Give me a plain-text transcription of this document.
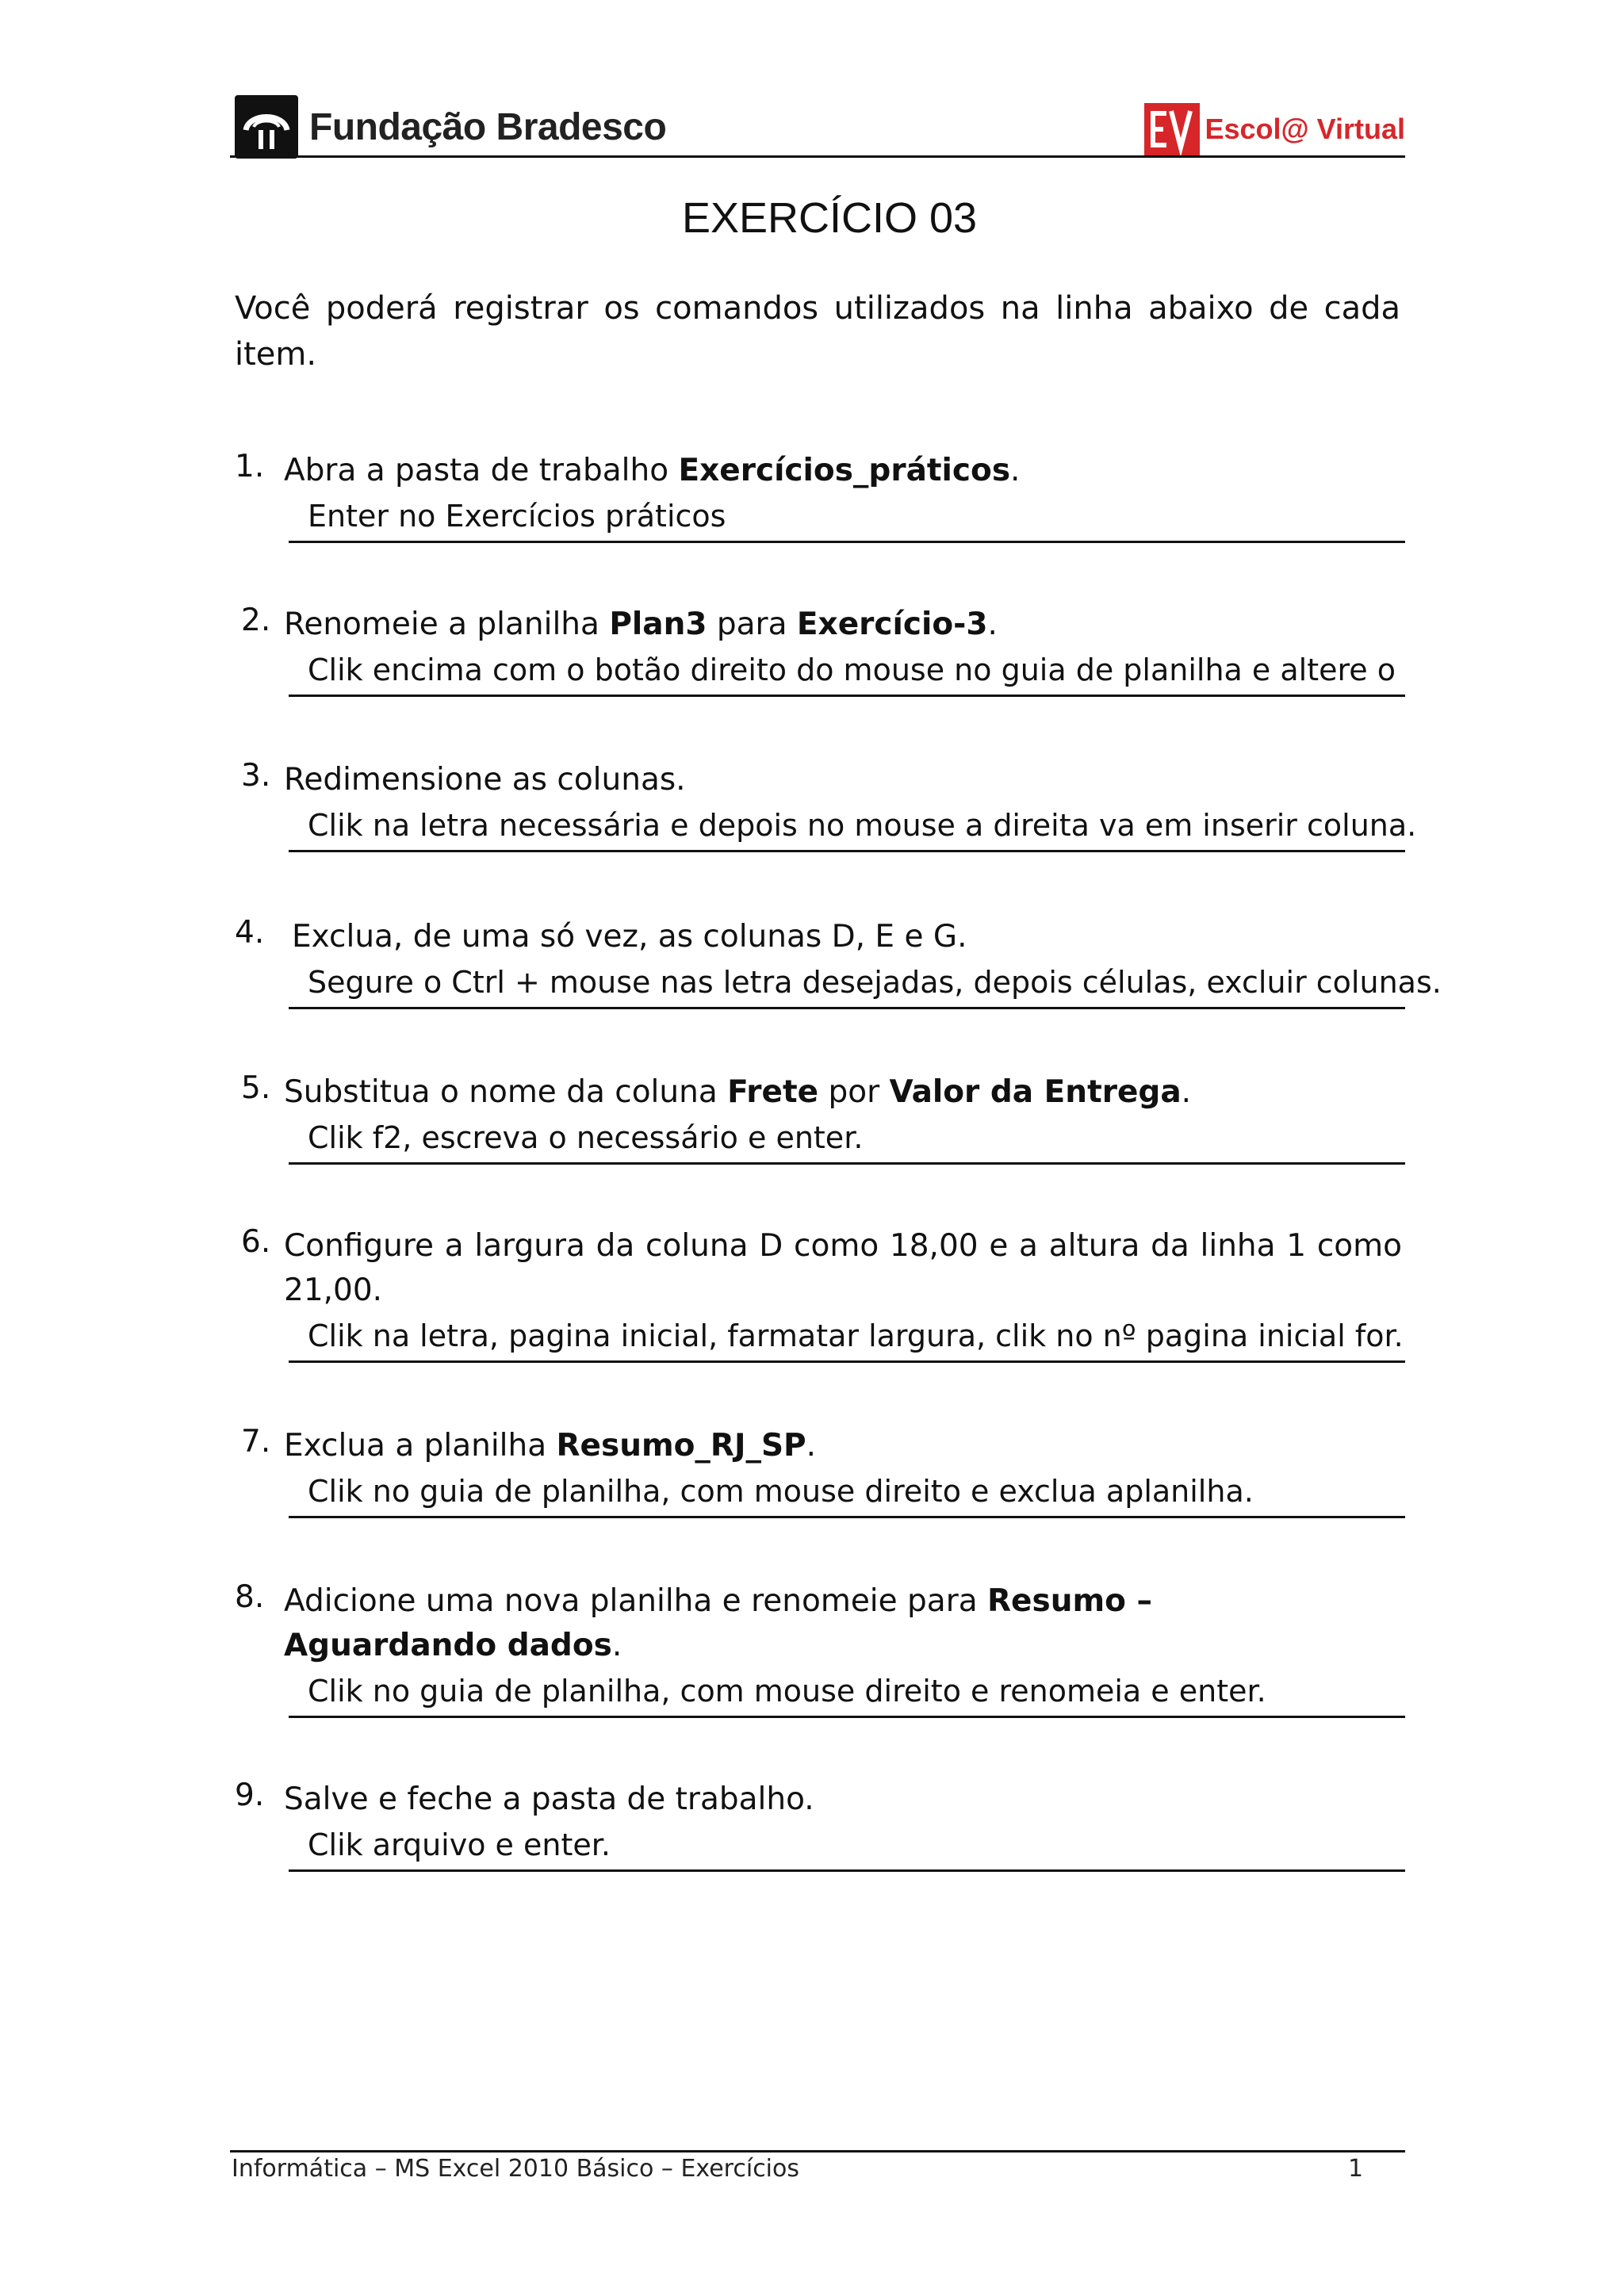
Fundação Bradesco	Escol@ Virtual
EXERCÍCIO 03
Você poderá registrar os comandos utilizados na linha abaixo de cada item.
1. Abra a pasta de trabalho Exercícios_práticos.
Enter no Exercícios práticos
2. Renomeie a planilha Plan3 para Exercício-3.
Clik encima com o botão direito do mouse no guia de planilha e altere o
3. Redimensione as colunas.
Clik na letra necessária e depois no mouse a direita va em inserir coluna.
4. Exclua, de uma só vez, as colunas D, E e G.
Segure o Ctrl + mouse nas letra desejadas, depois células, excluir colunas.
5. Substitua o nome da coluna Frete por Valor da Entrega.
Clik f2, escreva o necessário e enter.
6. Configure a largura da coluna D como 18,00 e a altura da linha 1 como 21,00.
Clik na letra, pagina inicial, farmatar largura, clik no nº pagina inicial for.
7. Exclua a planilha Resumo_RJ_SP.
Clik no guia de planilha, com mouse direito e exclua aplanilha.
8. Adicione uma nova planilha e renomeie para Resumo – Aguardando dados.
Clik no guia de planilha, com mouse direito e renomeia e enter.
9. Salve e feche a pasta de trabalho.
Clik arquivo e enter.
Informática – MS Excel 2010 Básico – Exercícios	1
